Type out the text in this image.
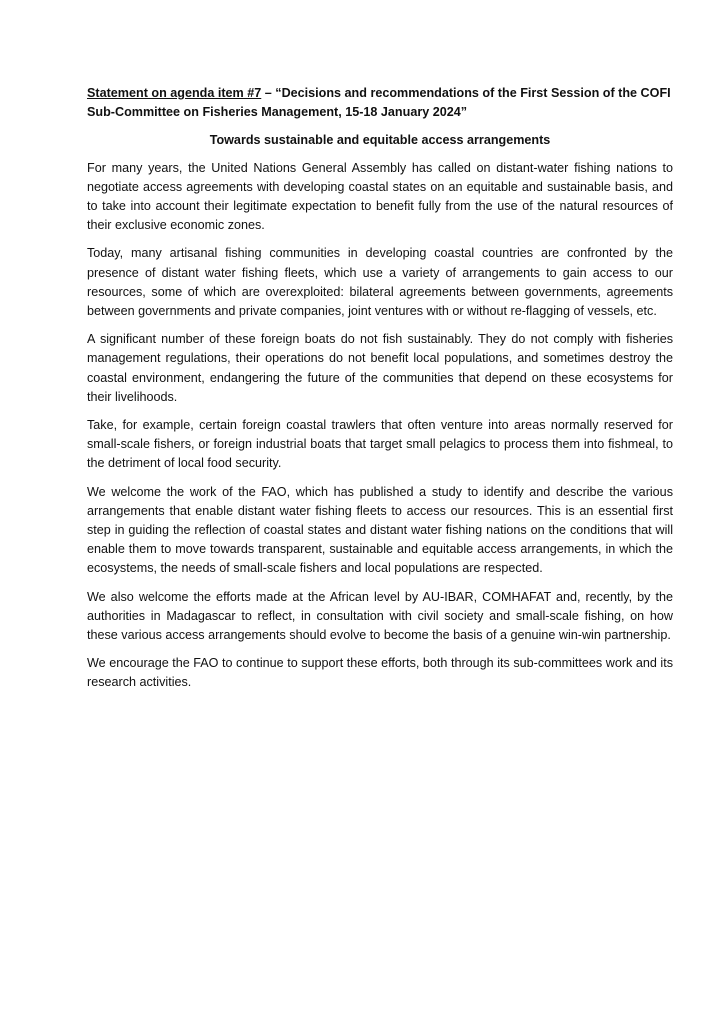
Statement on agenda item #7 – “Decisions and recommendations of the First Session of the COFI Sub-Committee on Fisheries Management, 15-18 January 2024”

Towards sustainable and equitable access arrangements

For many years, the United Nations General Assembly has called on distant-water fishing nations to negotiate access agreements with developing coastal states on an equitable and sustainable basis, and to take into account their legitimate expectation to benefit fully from the use of the natural resources of their exclusive economic zones.

Today, many artisanal fishing communities in developing coastal countries are confronted by the presence of distant water fishing fleets, which use a variety of arrangements to gain access to our resources, some of which are overexploited: bilateral agreements between governments, agreements between governments and private companies, joint ventures with or without re-flagging of vessels, etc.

A significant number of these foreign boats do not fish sustainably. They do not comply with fisheries management regulations, their operations do not benefit local populations, and sometimes destroy the coastal environment, endangering the future of the communities that depend on these ecosystems for their livelihoods.

Take, for example, certain foreign coastal trawlers that often venture into areas normally reserved for small-scale fishers, or foreign industrial boats that target small pelagics to process them into fishmeal, to the detriment of local food security.

We welcome the work of the FAO, which has published a study to identify and describe the various arrangements that enable distant water fishing fleets to access our resources. This is an essential first step in guiding the reflection of coastal states and distant water fishing nations on the conditions that will enable them to move towards transparent, sustainable and equitable access arrangements, in which the ecosystems, the needs of small-scale fishers and local populations are respected.

We also welcome the efforts made at the African level by AU-IBAR, COMHAFAT and, recently, by the authorities in Madagascar to reflect, in consultation with civil society and small-scale fishing, on how these various access arrangements should evolve to become the basis of a genuine win-win partnership.

We encourage the FAO to continue to support these efforts, both through its sub-committees work and its research activities.
